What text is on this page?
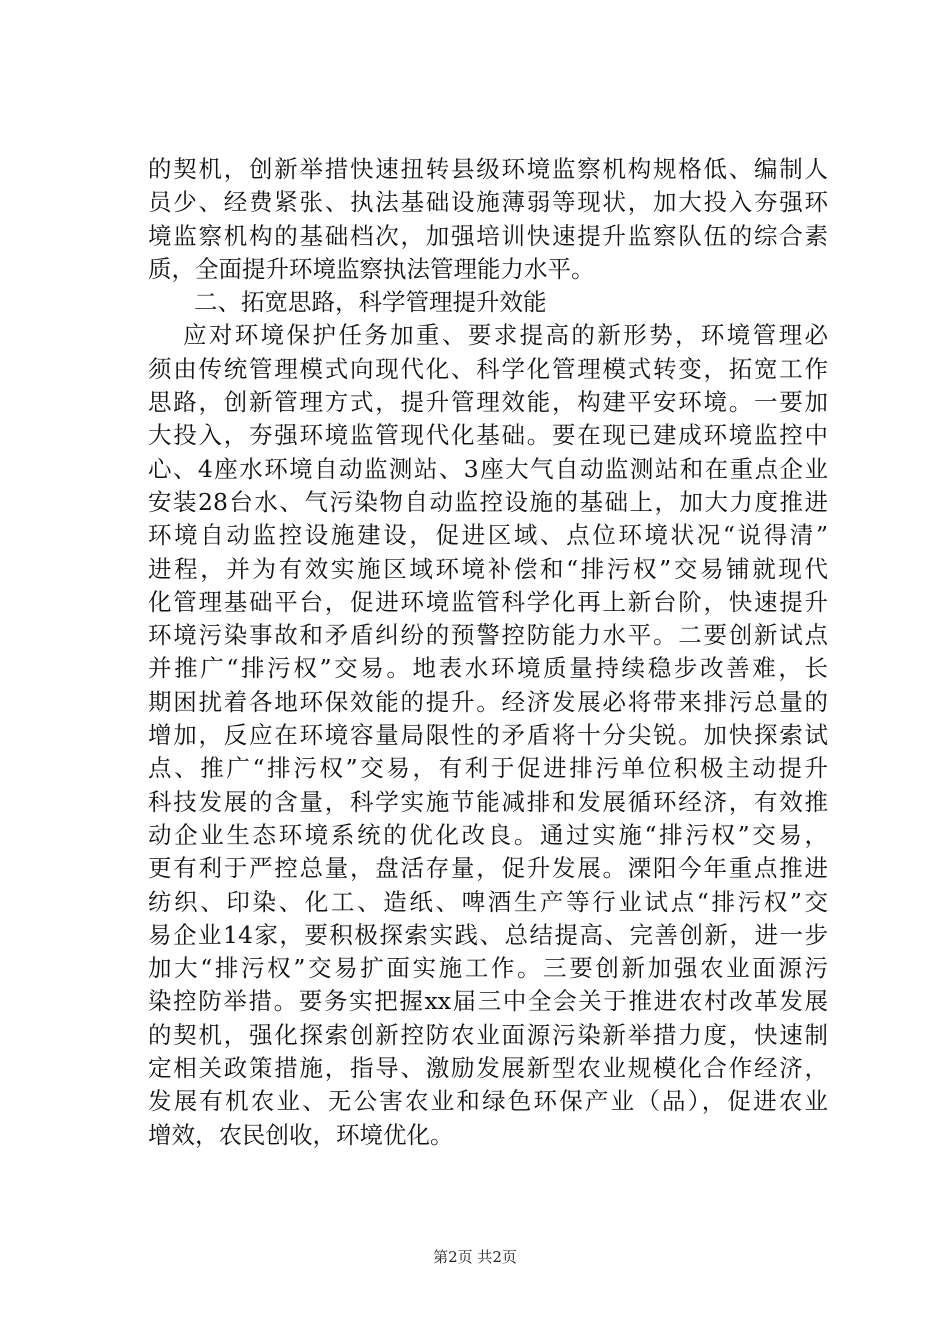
的契机，创新举措快速扭转县级环境监察机构规格低、编制人
员少、经费紧张、执法基础设施薄弱等现状，加大投入夯强环
境监察机构的基础档次，加强培训快速提升监察队伍的综合素
质，全面提升环境监察执法管理能力水平。
二、拓宽思路，科学管理提升效能
应对环境保护任务加重、要求提高的新形势，环境管理必
须由传统管理模式向现代化、科学化管理模式转变，拓宽工作
思路，创新管理方式，提升管理效能，构建平安环境。一要加
大投入，夯强环境监管现代化基础。要在现已建成环境监控中
心、4座水环境自动监测站、3座大气自动监测站和在重点企业
安装28台水、气污染物自动监控设施的基础上，加大力度推进
环境自动监控设施建设，促进区域、点位环境状况“说得清”
进程，并为有效实施区域环境补偿和“排污权”交易铺就现代
化管理基础平台，促进环境监管科学化再上新台阶，快速提升
环境污染事故和矛盾纠纷的预警控防能力水平。二要创新试点
并推广“排污权”交易。地表水环境质量持续稳步改善难，长
期困扰着各地环保效能的提升。经济发展必将带来排污总量的
增加，反应在环境容量局限性的矛盾将十分尖锐。加快探索试
点、推广“排污权”交易，有利于促进排污单位积极主动提升
科技发展的含量，科学实施节能减排和发展循环经济，有效推
动企业生态环境系统的优化改良。通过实施“排污权”交易，
更有利于严控总量，盘活存量，促升发展。溧阳今年重点推进
纺织、印染、化工、造纸、啤酒生产等行业试点“排污权”交
易企业14家，要积极探索实践、总结提高、完善创新，进一步
加大“排污权”交易扩面实施工作。三要创新加强农业面源污
染控防举措。要务实把握xx届三中全会关于推进农村改革发展
的契机，强化探索创新控防农业面源污染新举措力度，快速制
定相关政策措施，指导、激励发展新型农业规模化合作经济，
发展有机农业、无公害农业和绿色环保产业（品），促进农业
增效，农民创收，环境优化。
第2页 共2页
